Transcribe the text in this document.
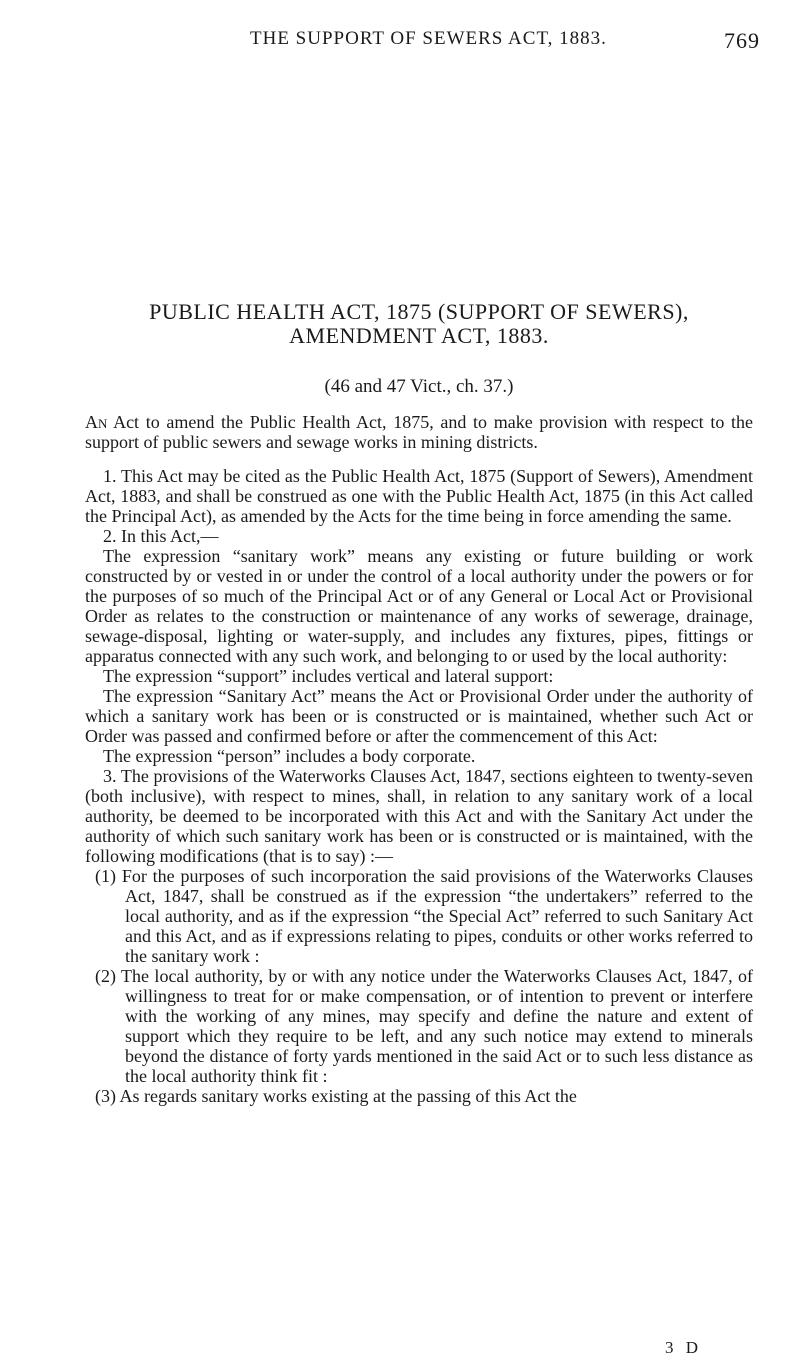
THE SUPPORT OF SEWERS ACT, 1883.	769

PUBLIC HEALTH ACT, 1875 (SUPPORT OF SEWERS),
AMENDMENT ACT, 1883.

(46 and 47 Vict., ch. 37.)

An Act to amend the Public Health Act, 1875, and to make provision with respect to the support of public sewers and sewage works in mining districts.

1. This Act may be cited as the Public Health Act, 1875 (Support of Sewers), Amendment Act, 1883, and shall be construed as one with the Public Health Act, 1875 (in this Act called the Principal Act), as amended by the Acts for the time being in force amending the same.

2. In this Act,—

The expression “sanitary work” means any existing or future building or work constructed by or vested in or under the control of a local authority under the powers or for the purposes of so much of the Principal Act or of any General or Local Act or Provisional Order as relates to the construction or maintenance of any works of sewerage, drainage, sewage-disposal, lighting or water-supply, and includes any fixtures, pipes, fittings or apparatus connected with any such work, and belonging to or used by the local authority:

The expression “support” includes vertical and lateral support:

The expression “Sanitary Act” means the Act or Provisional Order under the authority of which a sanitary work has been or is constructed or is maintained, whether such Act or Order was passed and confirmed before or after the commencement of this Act:

The expression “person” includes a body corporate.

3. The provisions of the Waterworks Clauses Act, 1847, sections eighteen to twenty-seven (both inclusive), with respect to mines, shall, in relation to any sanitary work of a local authority, be deemed to be incorporated with this Act and with the Sanitary Act under the authority of which such sanitary work has been or is constructed or is maintained, with the following modifications (that is to say) :—

(1) For the purposes of such incorporation the said provisions of the Waterworks Clauses Act, 1847, shall be construed as if the expression “the undertakers” referred to the local authority, and as if the expression “the Special Act” referred to such Sanitary Act and this Act, and as if expressions relating to pipes, conduits or other works referred to the sanitary work :

(2) The local authority, by or with any notice under the Waterworks Clauses Act, 1847, of willingness to treat for or make compensation, or of intention to prevent or interfere with the working of any mines, may specify and define the nature and extent of support which they require to be left, and any such notice may extend to minerals beyond the distance of forty yards mentioned in the said Act or to such less distance as the local authority think fit :

(3) As regards sanitary works existing at the passing of this Act the

3 D
